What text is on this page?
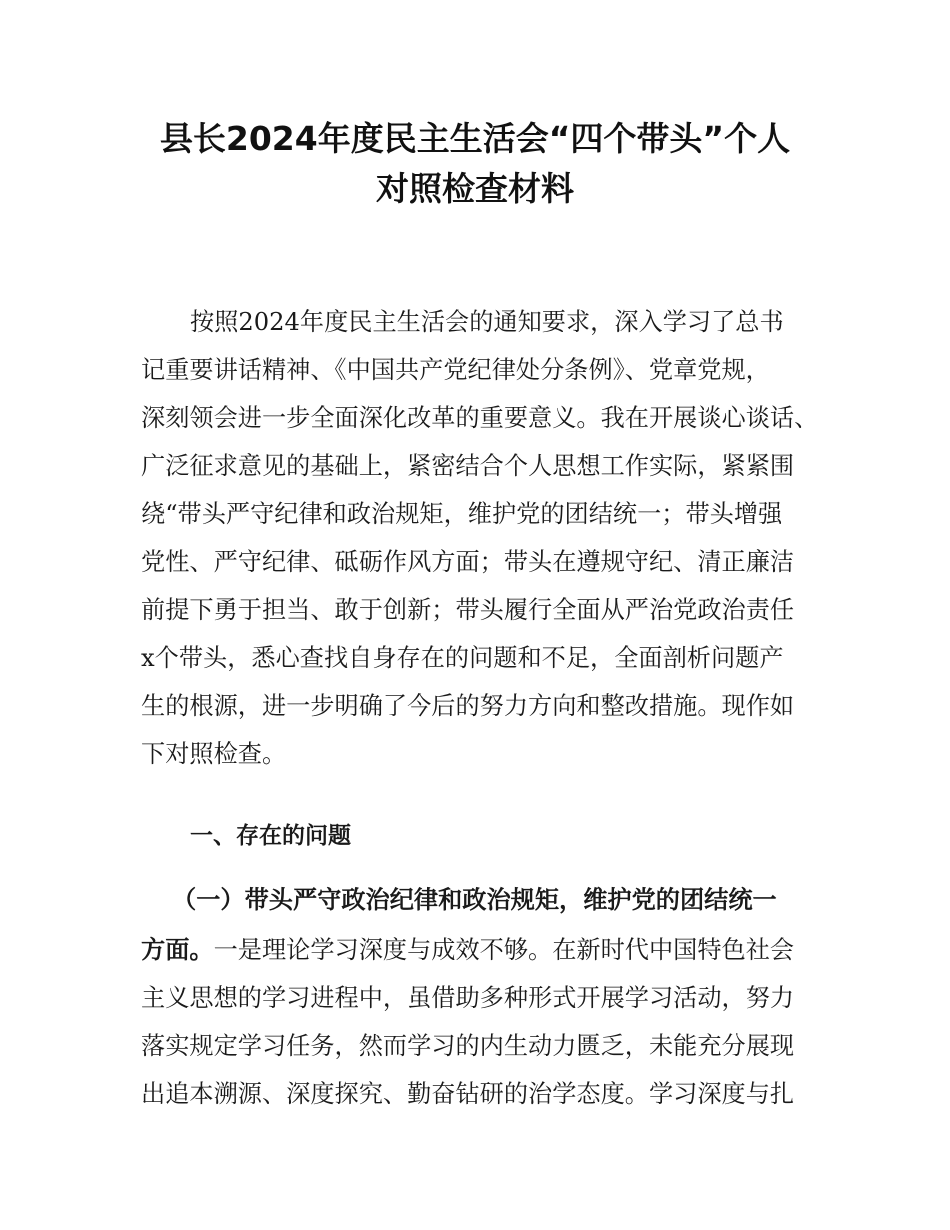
县长2024年度民主生活会“四个带头”个人
对照检查材料
按照2024年度民主生活会的通知要求，深入学习了总书
记重要讲话精神、《中国共产党纪律处分条例》、党章党规，
深刻领会进一步全面深化改革的重要意义。我在开展谈心谈话、
广泛征求意见的基础上，紧密结合个人思想工作实际，紧紧围
绕“带头严守纪律和政治规矩，维护党的团结统一；带头增强
党性、严守纪律、砥砺作风方面；带头在遵规守纪、清正廉洁
前提下勇于担当、敢于创新；带头履行全面从严治党政治责任
x个带头，悉心查找自身存在的问题和不足，全面剖析问题产
生的根源，进一步明确了今后的努力方向和整改措施。现作如
下对照检查。
一、存在的问题
（一）带头严守政治纪律和政治规矩，维护党的团结统一
方面。一是理论学习深度与成效不够。在新时代中国特色社会
主义思想的学习进程中，虽借助多种形式开展学习活动，努力
落实规定学习任务，然而学习的内生动力匮乏，未能充分展现
出追本溯源、深度探究、勤奋钻研的治学态度。学习深度与扎
